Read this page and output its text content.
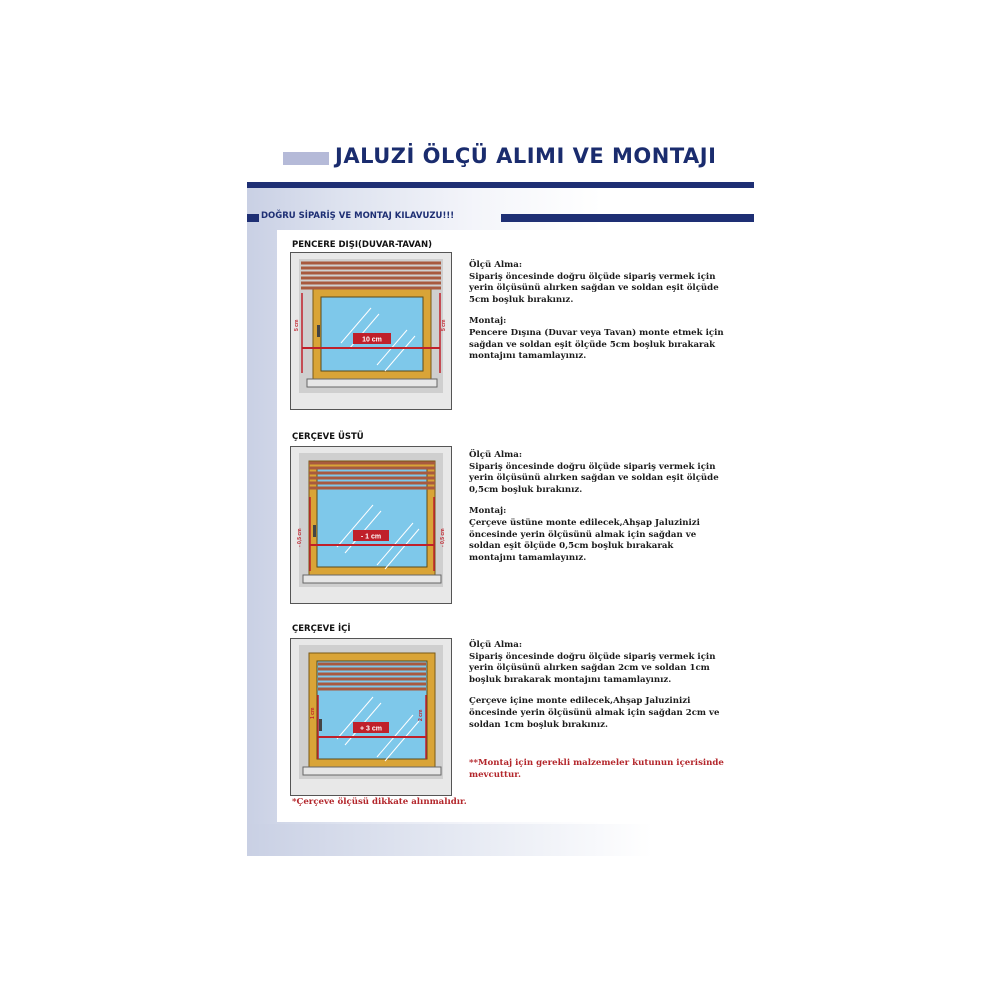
JALUZİ ÖLÇÜ ALIMI VE MONTAJI
DOĞRU SİPARİŞ VE MONTAJ KILAVUZU!!!
PENCERE DIŞI(DUVAR-TAVAN)
10 cm
5 cm	5 cm
Ölçü Alma:
Sipariş öncesinde doğru ölçüde sipariş vermek için
yerin ölçüsünü alırken sağdan ve soldan eşit ölçüde
5cm boşluk bırakınız.
Montaj:
Pencere Dışına (Duvar veya Tavan) monte etmek için
sağdan ve soldan eşit ölçüde 5cm boşluk bırakarak
montajını tamamlayınız.
ÇERÇEVE ÜSTÜ
- 1 cm
- 0,5 cm	- 0,5 cm
Ölçü Alma:
Sipariş öncesinde doğru ölçüde sipariş vermek için
yerin ölçüsünü alırken sağdan ve soldan eşit ölçüde
0,5cm boşluk bırakınız.
Montaj:
Çerçeve üstüne monte edilecek,Ahşap Jaluzinizi
öncesinde yerin ölçüsünü almak için sağdan ve
soldan eşit ölçüde 0,5cm boşluk bırakarak
montajını tamamlayınız.
ÇERÇEVE İÇİ
+ 3 cm
1 cm	2 cm
Ölçü Alma:
Sipariş öncesinde doğru ölçüde sipariş vermek için
yerin ölçüsünü alırken sağdan 2cm ve soldan 1cm
boşluk bırakarak montajını tamamlayınız.
Çerçeve içine monte edilecek,Ahşap Jaluzinizi
öncesinde yerin ölçüsünü almak için sağdan 2cm ve
soldan 1cm boşluk bırakınız.
**Montaj için gerekli malzemeler kutunun içerisinde
mevcuttur.
*Çerçeve ölçüsü dikkate alınmalıdır.
